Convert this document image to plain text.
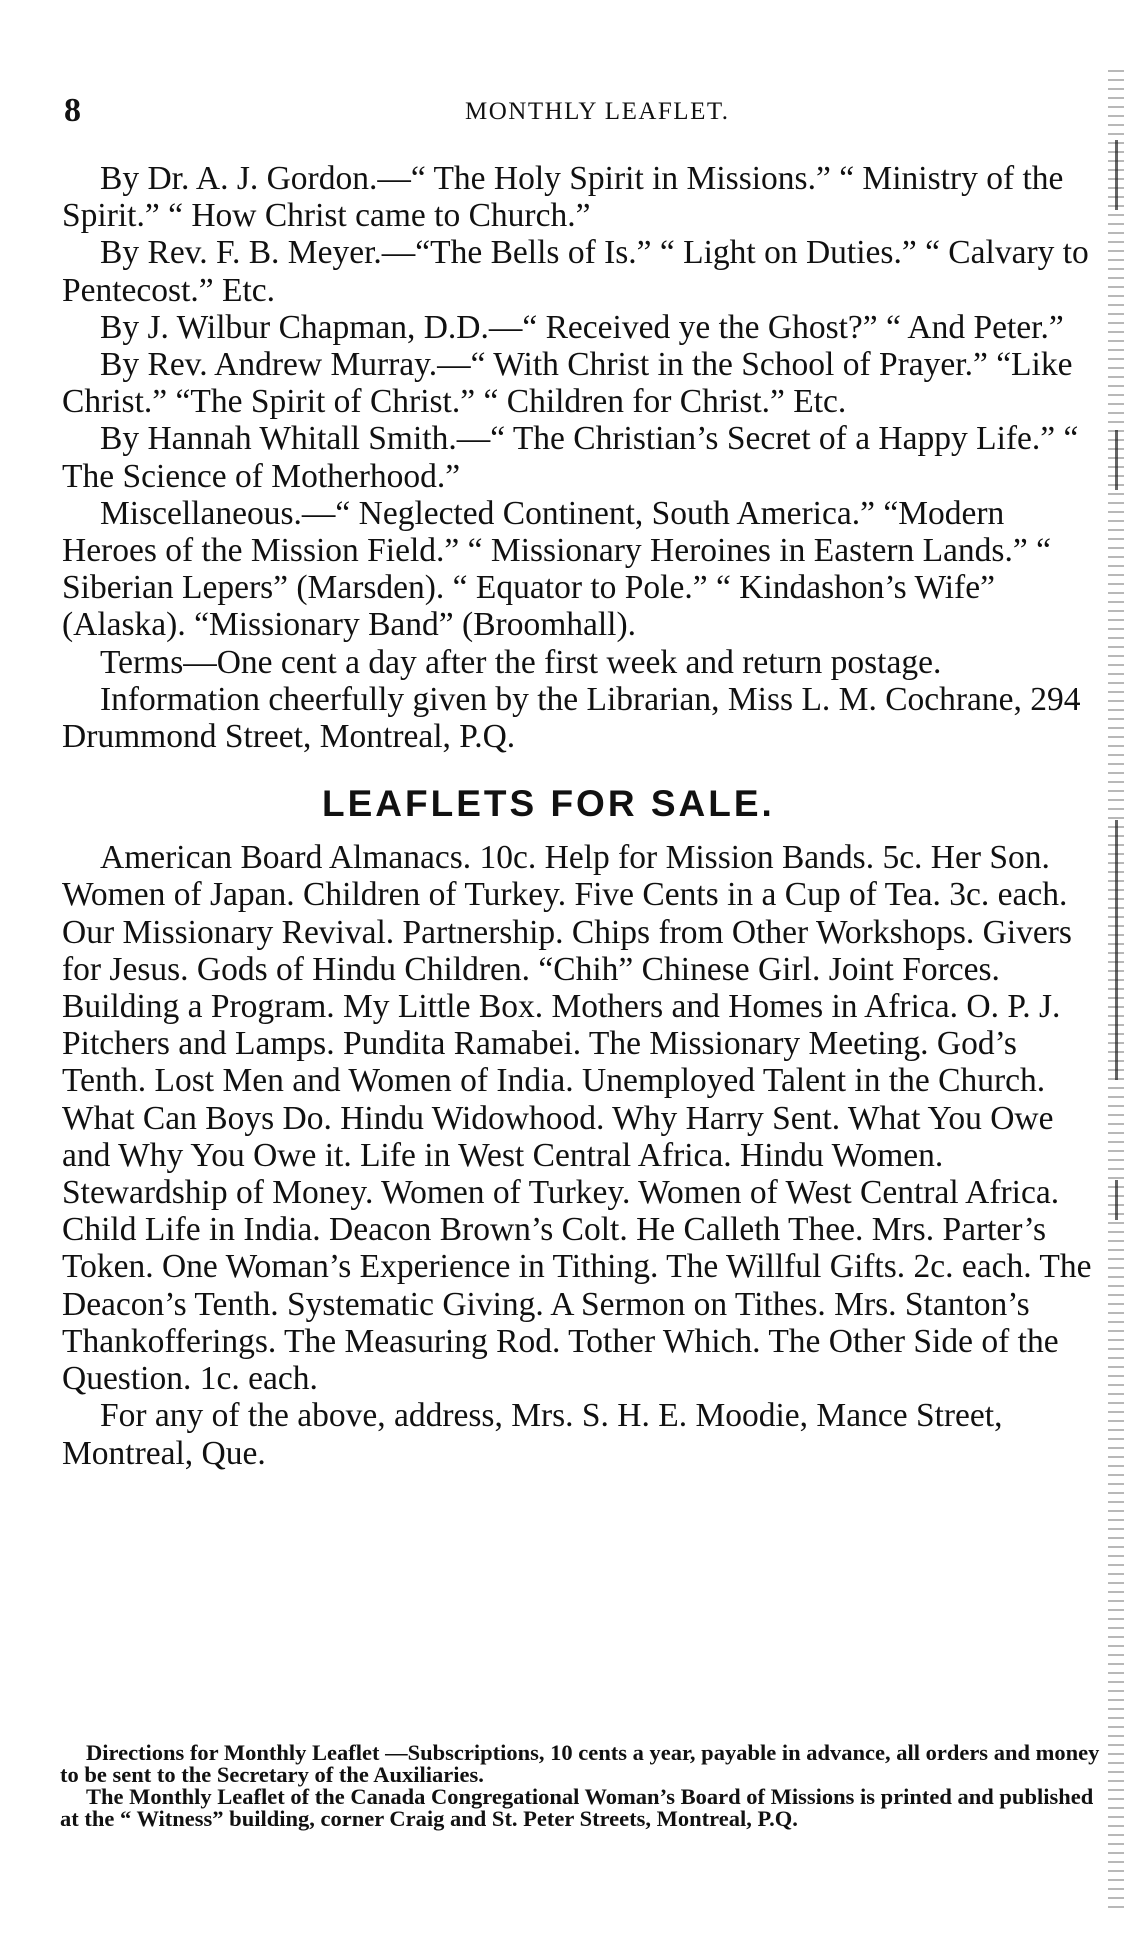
8	MONTHLY LEAFLET.

By Dr. A. J. Gordon.—“ The Holy Spirit in Missions.” “ Ministry of the Spirit.” “ How Christ came to Church.”

By Rev. F. B. Meyer.—“The Bells of Is.” “ Light on Duties.” “ Calvary to Pentecost.” Etc.

By J. Wilbur Chapman, D.D.—“ Received ye the Ghost?” “ And Peter.”

By Rev. Andrew Murray.—“ With Christ in the School of Prayer.” “Like Christ.” “The Spirit of Christ.” “ Children for Christ.” Etc.

By Hannah Whitall Smith.—“ The Christian’s Secret of a Happy Life.” “ The Science of Motherhood.”

Miscellaneous.—“ Neglected Continent, South America.” “Modern Heroes of the Mission Field.” “ Missionary Heroines in Eastern Lands.” “ Siberian Lepers” (Marsden). “ Equator to Pole.” “ Kindashon’s Wife” (Alaska). “Missionary Band” (Broomhall).

Terms—One cent a day after the first week and return postage.

Information cheerfully given by the Librarian, Miss L. M. Cochrane, 294 Drummond Street, Montreal, P.Q.

LEAFLETS FOR SALE.

American Board Almanacs. 10c. Help for Mission Bands. 5c. Her Son. Women of Japan. Children of Turkey. Five Cents in a Cup of Tea. 3c. each. Our Missionary Revival. Partnership. Chips from Other Workshops. Givers for Jesus. Gods of Hindu Children. “Chih” Chinese Girl. Joint Forces. Building a Program. My Little Box. Mothers and Homes in Africa. O. P. J. Pitchers and Lamps. Pundita Ramabei. The Missionary Meeting. God’s Tenth. Lost Men and Women of India. Unemployed Talent in the Church. What Can Boys Do. Hindu Widowhood. Why Harry Sent. What You Owe and Why You Owe it. Life in West Central Africa. Hindu Women. Stewardship of Money. Women of Turkey. Women of West Central Africa. Child Life in India. Deacon Brown’s Colt. He Calleth Thee. Mrs. Parter’s Token. One Woman’s Experience in Tithing. The Willful Gifts. 2c. each. The Deacon’s Tenth. Systematic Giving. A Sermon on Tithes. Mrs. Stanton’s Thankofferings. The Measuring Rod. Tother Which. The Other Side of the Question. 1c. each.

For any of the above, address, Mrs. S. H. E. Moodie, Mance Street, Montreal, Que.

Directions for Monthly Leaflet —Subscriptions, 10 cents a year, payable in advance, all orders and money to be sent to the Secretary of the Auxiliaries.

The Monthly Leaflet of the Canada Congregational Woman’s Board of Missions is printed and published at the “ Witness” building, corner Craig and St. Peter Streets, Montreal, P.Q.
